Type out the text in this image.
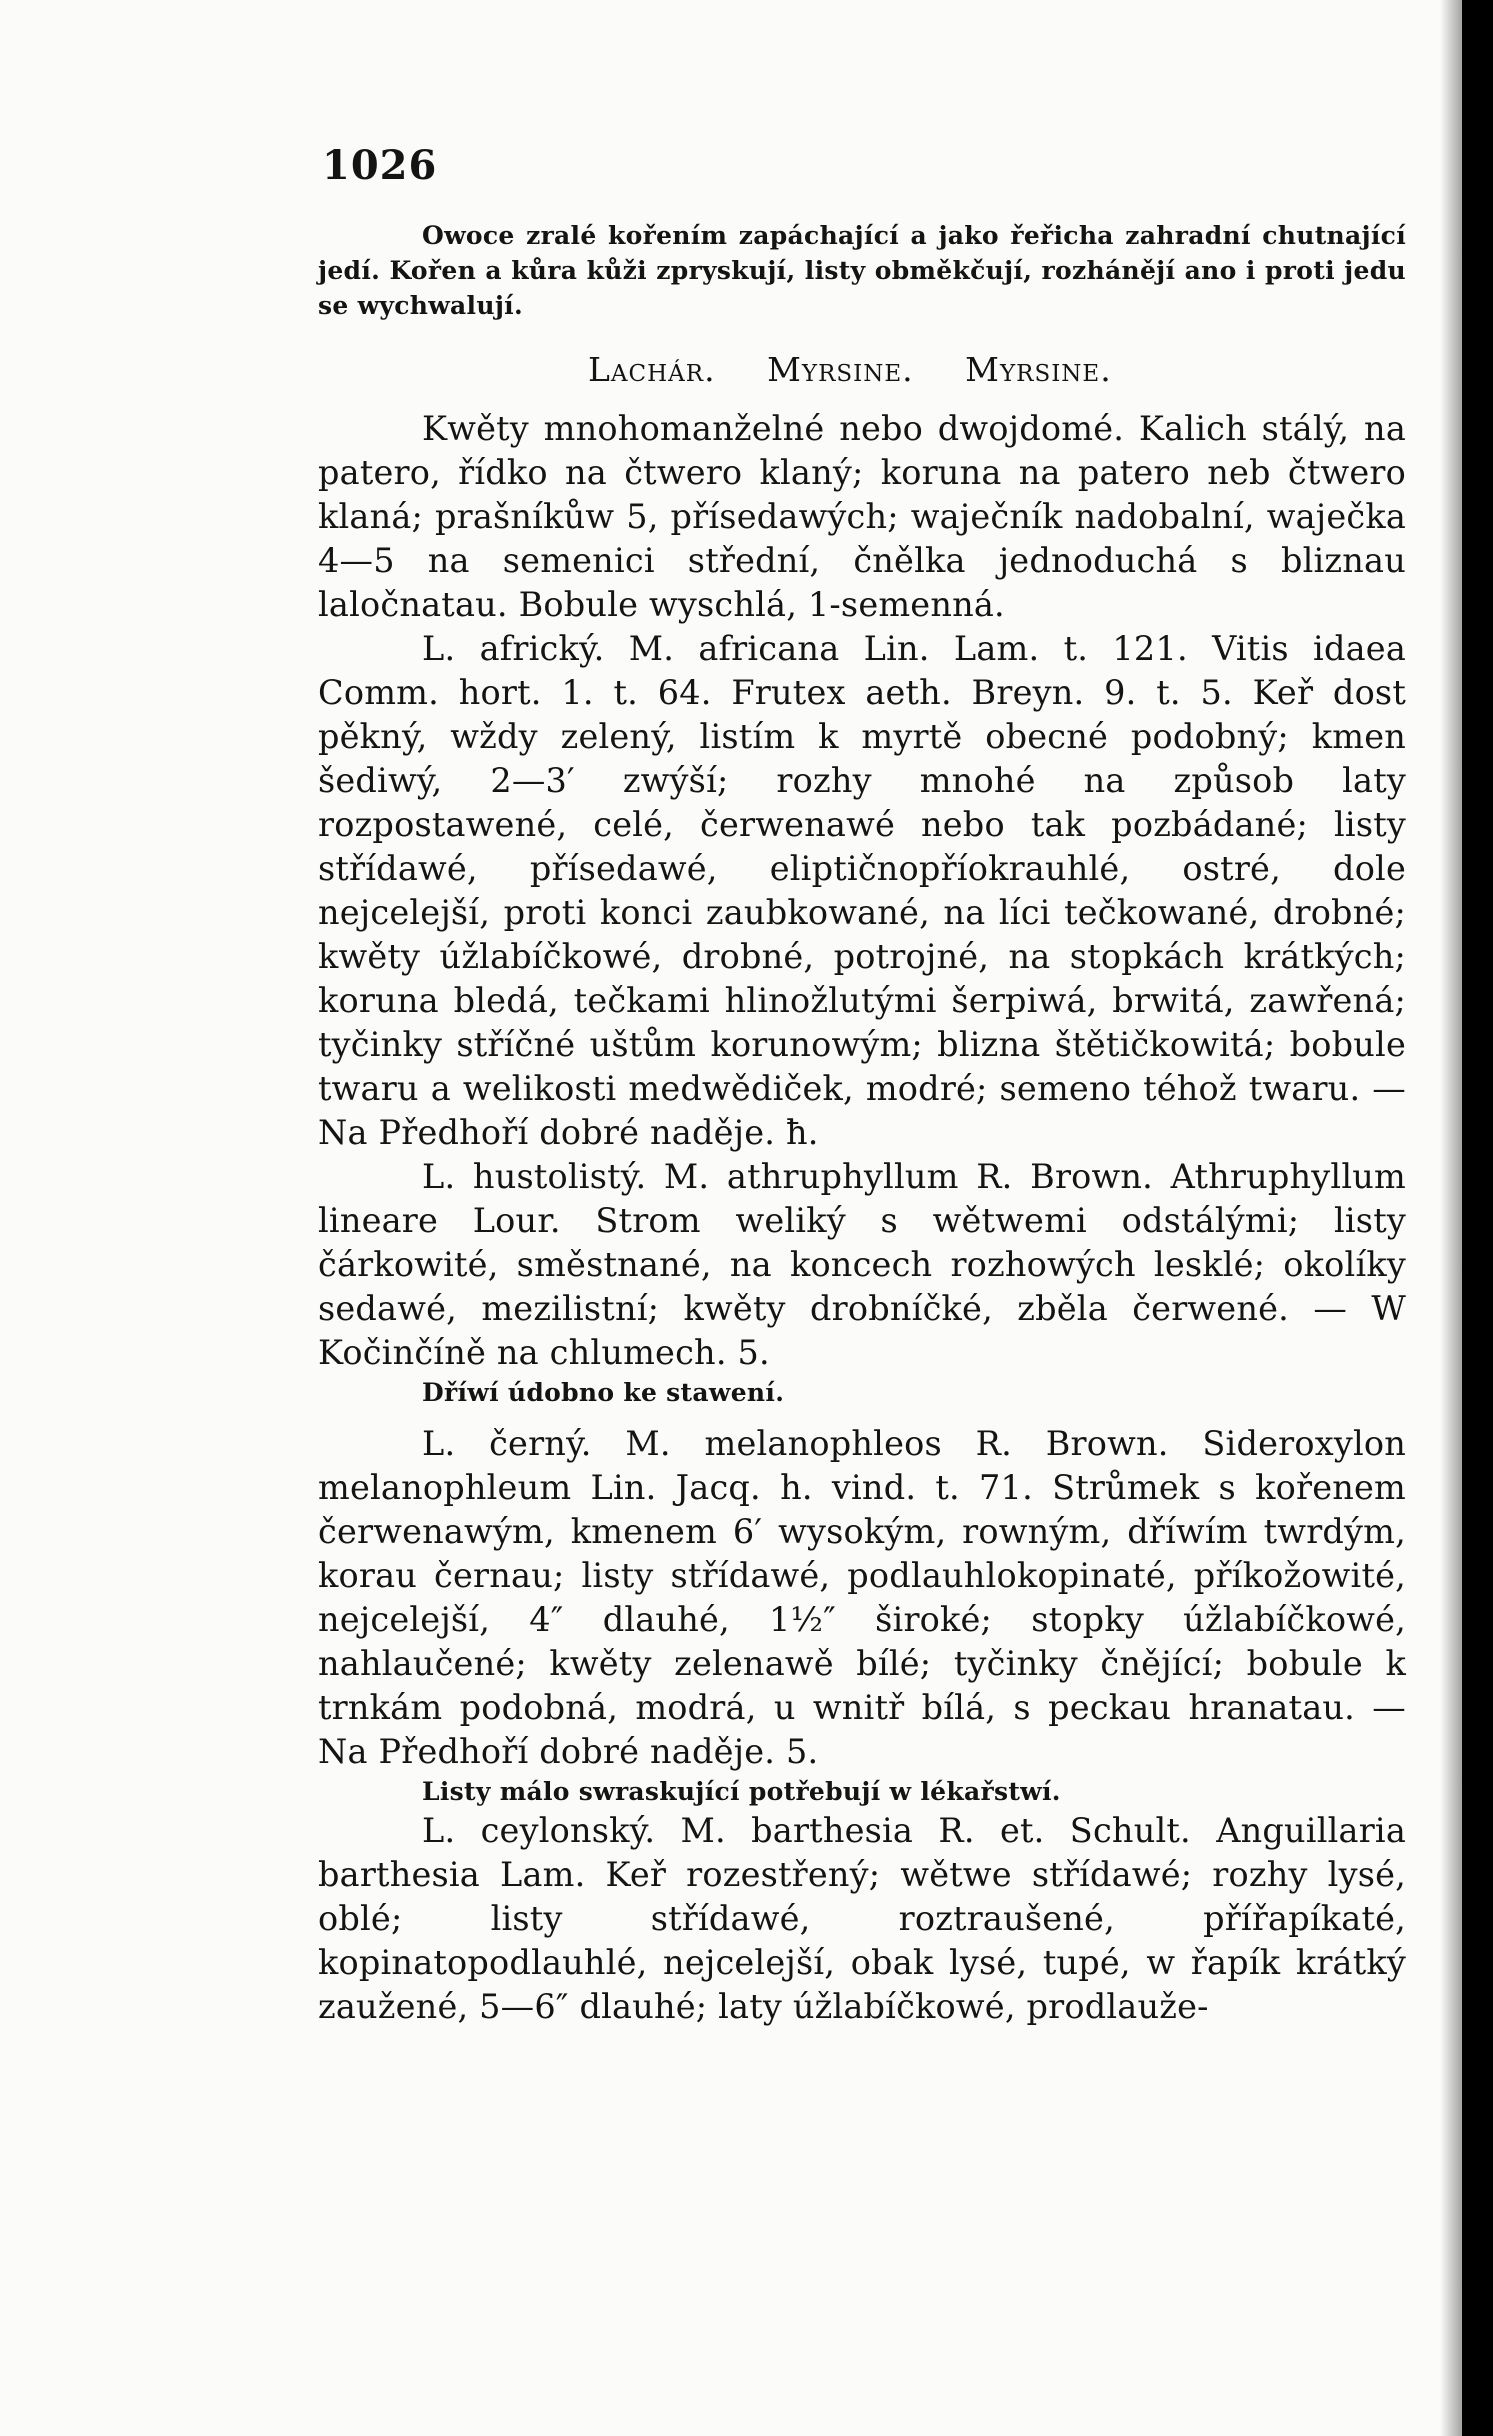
1026

Owoce zralé kořením zapáchající a jako řeřicha zahradní chutnající jedí. Kořen a kůra kůži zpryskují, listy obměkčují, rozhánějí ano i proti jedu se wychwalují.

Lachár. Myrsine. Myrsine.

Kwěty mnohomanželné nebo dwojdomé. Kalich stálý, na patero, řídko na čtwero klaný; koruna na patero neb čtwero klaná; prašníkůw 5, přísedawých; waječník nadobalní, waječka 4—5 na semenici střední, čnělka jednoduchá s bliznau laločnatau. Bobule wyschlá, 1-semenná.

L. africký. M. africana Lin. Lam. t. 121. Vitis idaea Comm. hort. 1. t. 64. Frutex aeth. Breyn. 9. t. 5. Keř dost pěkný, wždy zelený, listím k myrtě obecné podobný; kmen šediwý, 2—3′ zwýší; rozhy mnohé na způsob laty rozpostawené, celé, čerwenawé nebo tak pozbádané; listy střídawé, přísedawé, eliptičnopříokrauhlé, ostré, dole nejcelejší, proti konci zaubkowané, na líci tečkowané, drobné; kwěty úžlabíčkowé, drobné, potrojné, na stopkách krátkých; koruna bledá, tečkami hlinožlutými šerpiwá, brwitá, zawřená; tyčinky stříčné uštům korunowým; blizna štětičkowitá; bobule twaru a welikosti medwědiček, modré; semeno téhož twaru. — Na Předhoří dobré naděje. ħ.

L. hustolistý. M. athruphyllum R. Brown. Athruphyllum lineare Lour. Strom weliký s wětwemi odstálými; listy čárkowité, směstnané, na koncech rozhowých lesklé; okolíky sedawé, mezilistní; kwěty drobníčké, zběla čerwené. — W Kočinčíně na chlumech. 5.

Dříwí údobno ke stawení.

L. černý. M. melanophleos R. Brown. Sideroxylon melanophleum Lin. Jacq. h. vind. t. 71. Strůmek s kořenem čerwenawým, kmenem 6′ wysokým, rowným, dříwím twrdým, korau černau; listy střídawé, podlauhlokopinaté, příkožowité, nejcelejší, 4″ dlauhé, 1½″ široké; stopky úžlabíčkowé, nahlaučené; kwěty zelenawě bílé; tyčinky čnějící; bobule k trnkám podobná, modrá, u wnitř bílá, s peckau hranatau. — Na Předhoří dobré naděje. 5.

Listy málo swraskující potřebují w lékařstwí.

L. ceylonský. M. barthesia R. et. Schult. Anguillaria barthesia Lam. Keř rozestřený; wětwe střídawé; rozhy lysé, oblé; listy střídawé, roztraušené, přířapíkaté, kopinatopodlauhlé, nejcelejší, obak lysé, tupé, w řapík krátký zaužené, 5—6″ dlauhé; laty úžlabíčkowé, prodlauže-
